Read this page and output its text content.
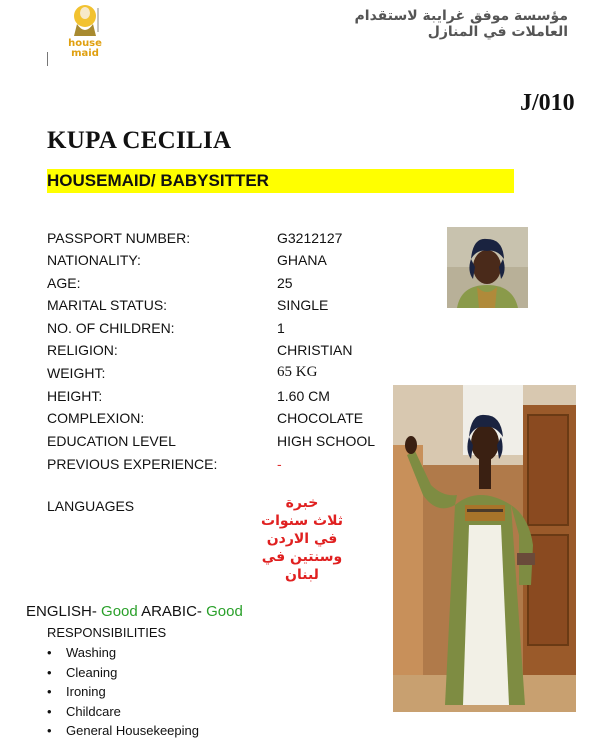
house
maid
مؤسسة موفق غرايبة لاستقدام العاملات في المنازل
J/010
KUPA CECILIA
HOUSEMAID/ BABYSITTER
PASSPORT NUMBER:	G3212127
NATIONALITY:	GHANA
AGE:	25
MARITAL STATUS:	SINGLE
NO. OF CHILDREN:	1
RELIGION:	CHRISTIAN
WEIGHT:	65 KG
HEIGHT:	1.60 CM
COMPLEXION:	CHOCOLATE
EDUCATION LEVEL	HIGH SCHOOL
PREVIOUS EXPERIENCE:	-
LANGUAGES	خبرة
ثلاث سنوات
في الاردن
وسنتين في
لبنان
ENGLISH- Good ARABIC- Good
RESPONSIBILITIES
• Washing
• Cleaning
• Ironing
• Childcare
• General Housekeeping
